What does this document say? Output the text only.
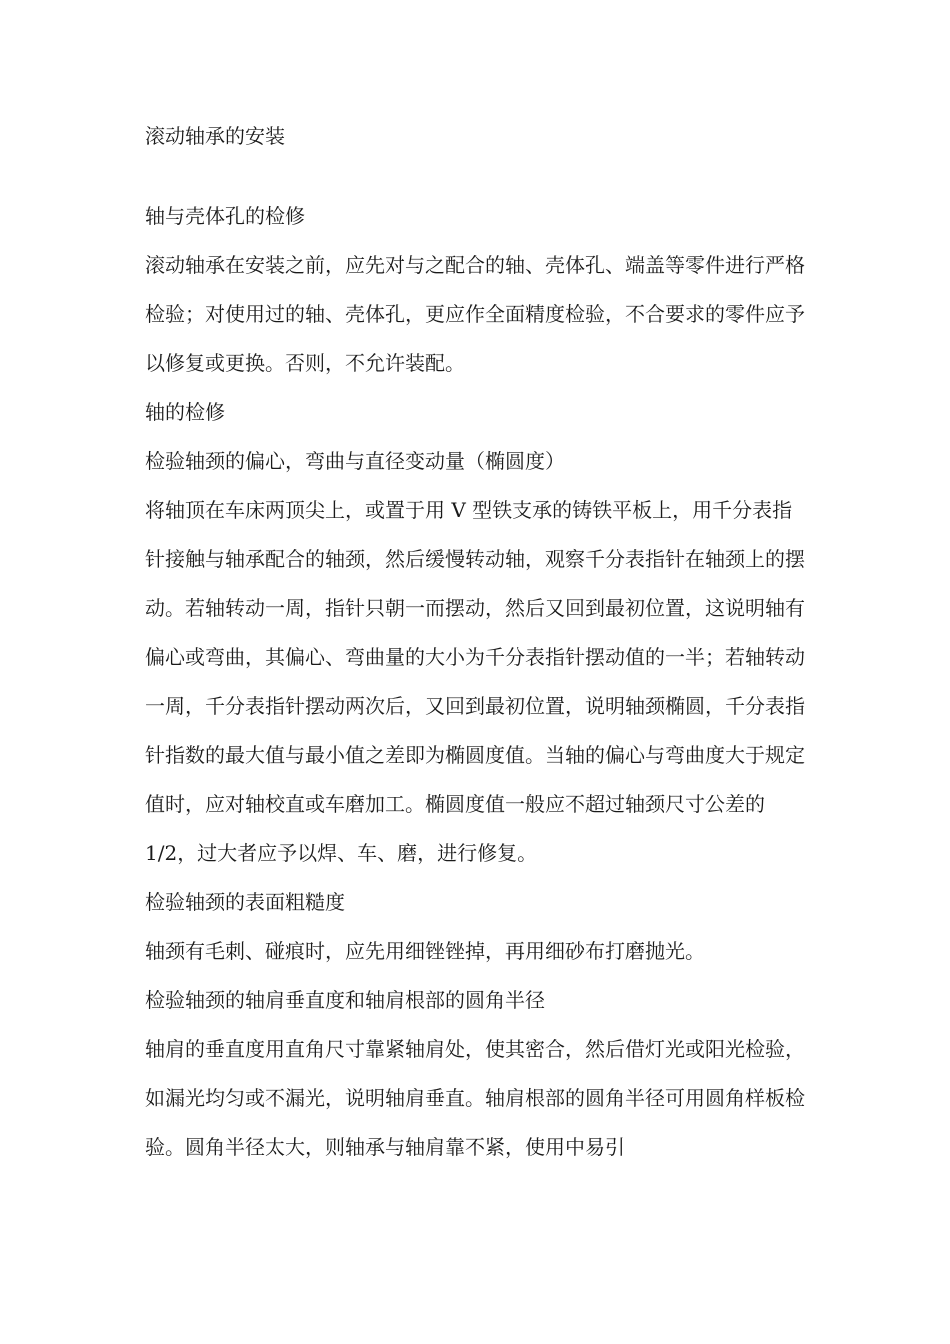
滚动轴承的安装

轴与壳体孔的检修

滚动轴承在安装之前，应先对与之配合的轴、壳体孔、端盖等零件进行严格检验；对使用过的轴、壳体孔，更应作全面精度检验，不合要求的零件应予以修复或更换。否则，不允许装配。

轴的检修

检验轴颈的偏心，弯曲与直径变动量（椭圆度）

将轴顶在车床两顶尖上，或置于用 V 型铁支承的铸铁平板上，用千分表指针接触与轴承配合的轴颈，然后缓慢转动轴，观察千分表指针在轴颈上的摆动。若轴转动一周，指针只朝一而摆动，然后又回到最初位置，这说明轴有偏心或弯曲，其偏心、弯曲量的大小为千分表指针摆动值的一半；若轴转动一周，千分表指针摆动两次后，又回到最初位置，说明轴颈椭圆，千分表指针指数的最大值与最小值之差即为椭圆度值。当轴的偏心与弯曲度大于规定值时，应对轴校直或车磨加工。椭圆度值一般应不超过轴颈尺寸公差的 1/2，过大者应予以焊、车、磨，进行修复。

检验轴颈的表面粗糙度

轴颈有毛刺、碰痕时，应先用细锉锉掉，再用细砂布打磨抛光。

检验轴颈的轴肩垂直度和轴肩根部的圆角半径

轴肩的垂直度用直角尺寸靠紧轴肩处，使其密合，然后借灯光或阳光检验，如漏光均匀或不漏光，说明轴肩垂直。轴肩根部的圆角半径可用圆角样板检验。圆角半径太大，则轴承与轴肩靠不紧，使用中易引
